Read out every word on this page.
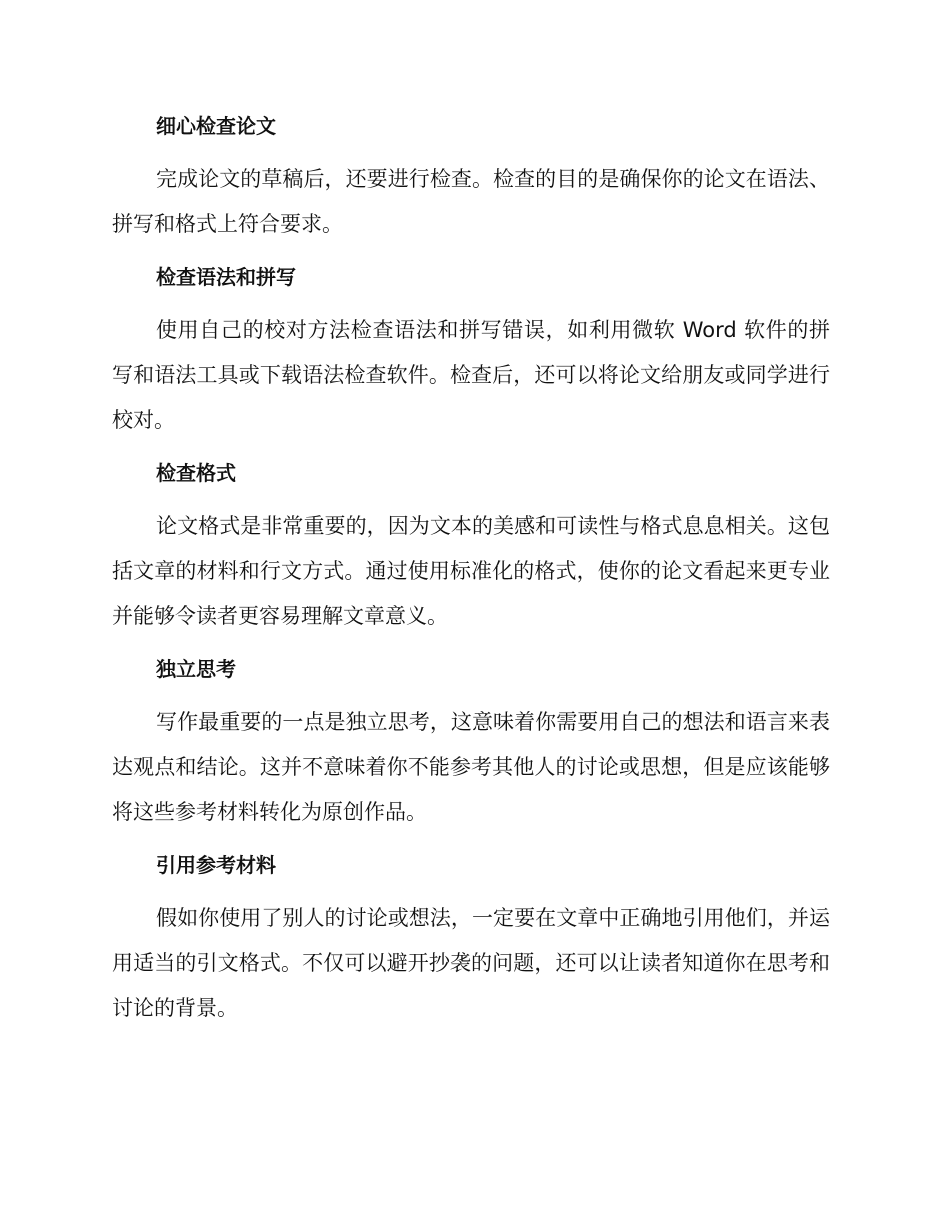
细心检查论文

完成论文的草稿后，还要进行检查。检查的目的是确保你的论文在语法、拼写和格式上符合要求。

检查语法和拼写

使用自己的校对方法检查语法和拼写错误，如利用微软 Word 软件的拼写和语法工具或下载语法检查软件。检查后，还可以将论文给朋友或同学进行校对。

检查格式

论文格式是非常重要的，因为文本的美感和可读性与格式息息相关。这包括文章的材料和行文方式。通过使用标准化的格式，使你的论文看起来更专业并能够令读者更容易理解文章意义。

独立思考

写作最重要的一点是独立思考，这意味着你需要用自己的想法和语言来表达观点和结论。这并不意味着你不能参考其他人的讨论或思想，但是应该能够将这些参考材料转化为原创作品。

引用参考材料

假如你使用了别人的讨论或想法，一定要在文章中正确地引用他们，并运用适当的引文格式。不仅可以避开抄袭的问题，还可以让读者知道你在思考和讨论的背景。
